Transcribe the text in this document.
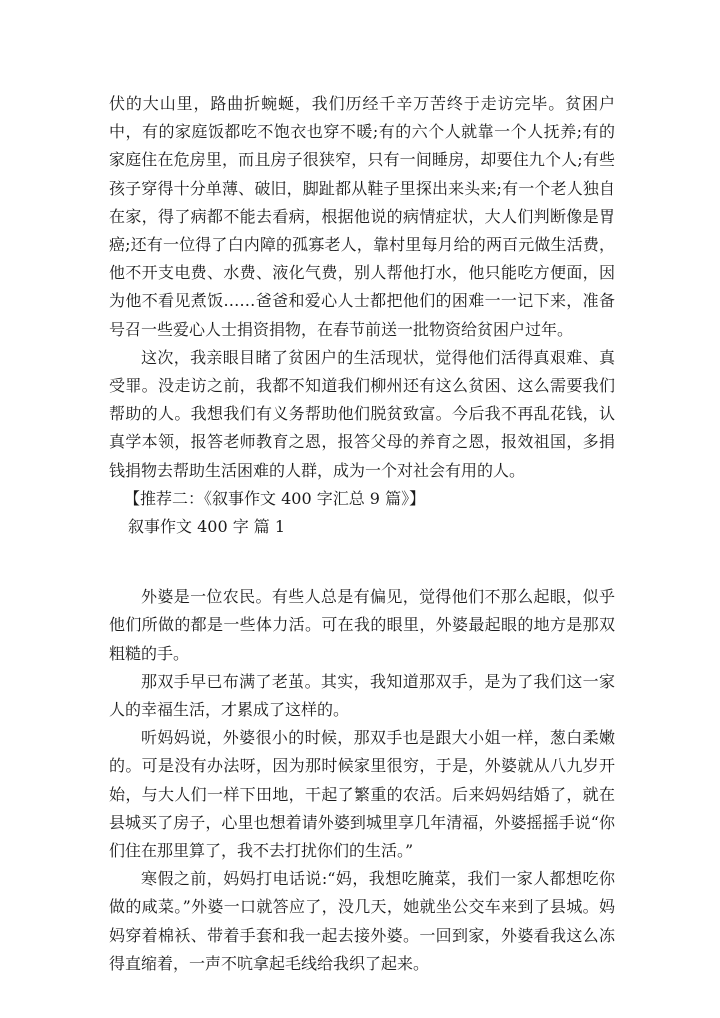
伏的大山里，路曲折蜿蜒，我们历经千辛万苦终于走访完毕。贫困户中，有的家庭饭都吃不饱衣也穿不暖;有的六个人就靠一个人抚养;有的家庭住在危房里，而且房子很狭窄，只有一间睡房，却要住九个人;有些孩子穿得十分单薄、破旧，脚趾都从鞋子里探出来头来;有一个老人独自在家，得了病都不能去看病，根据他说的病情症状，大人们判断像是胃癌;还有一位得了白内障的孤寡老人，靠村里每月给的两百元做生活费，他不开支电费、水费、液化气费，别人帮他打水，他只能吃方便面，因为他不看见煮饭……爸爸和爱心人士都把他们的困难一一记下来，准备号召一些爱心人士捐资捐物，在春节前送一批物资给贫困户过年。

这次，我亲眼目睹了贫困户的生活现状，觉得他们活得真艰难、真受罪。没走访之前，我都不知道我们柳州还有这么贫困、这么需要我们帮助的人。我想我们有义务帮助他们脱贫致富。今后我不再乱花钱，认真学本领，报答老师教育之恩，报答父母的养育之恩，报效祖国，多捐钱捐物去帮助生活困难的人群，成为一个对社会有用的人。

【推荐二：《叙事作文 400 字汇总 9 篇》】

叙事作文 400 字 篇 1

外婆是一位农民。有些人总是有偏见，觉得他们不那么起眼，似乎他们所做的都是一些体力活。可在我的眼里，外婆最起眼的地方是那双粗糙的手。

那双手早已布满了老茧。其实，我知道那双手，是为了我们这一家人的幸福生活，才累成了这样的。

听妈妈说，外婆很小的时候，那双手也是跟大小姐一样，葱白柔嫩的。可是没有办法呀，因为那时候家里很穷，于是，外婆就从八九岁开始，与大人们一样下田地，干起了繁重的农活。后来妈妈结婚了，就在县城买了房子，心里也想着请外婆到城里享几年清福，外婆摇摇手说“你们住在那里算了，我不去打扰你们的生活。”

寒假之前，妈妈打电话说:“妈，我想吃腌菜，我们一家人都想吃你做的咸菜。”外婆一口就答应了，没几天，她就坐公交车来到了县城。妈妈穿着棉袄、带着手套和我一起去接外婆。一回到家，外婆看我这么冻得直缩着，一声不吭拿起毛线给我织了起来。
